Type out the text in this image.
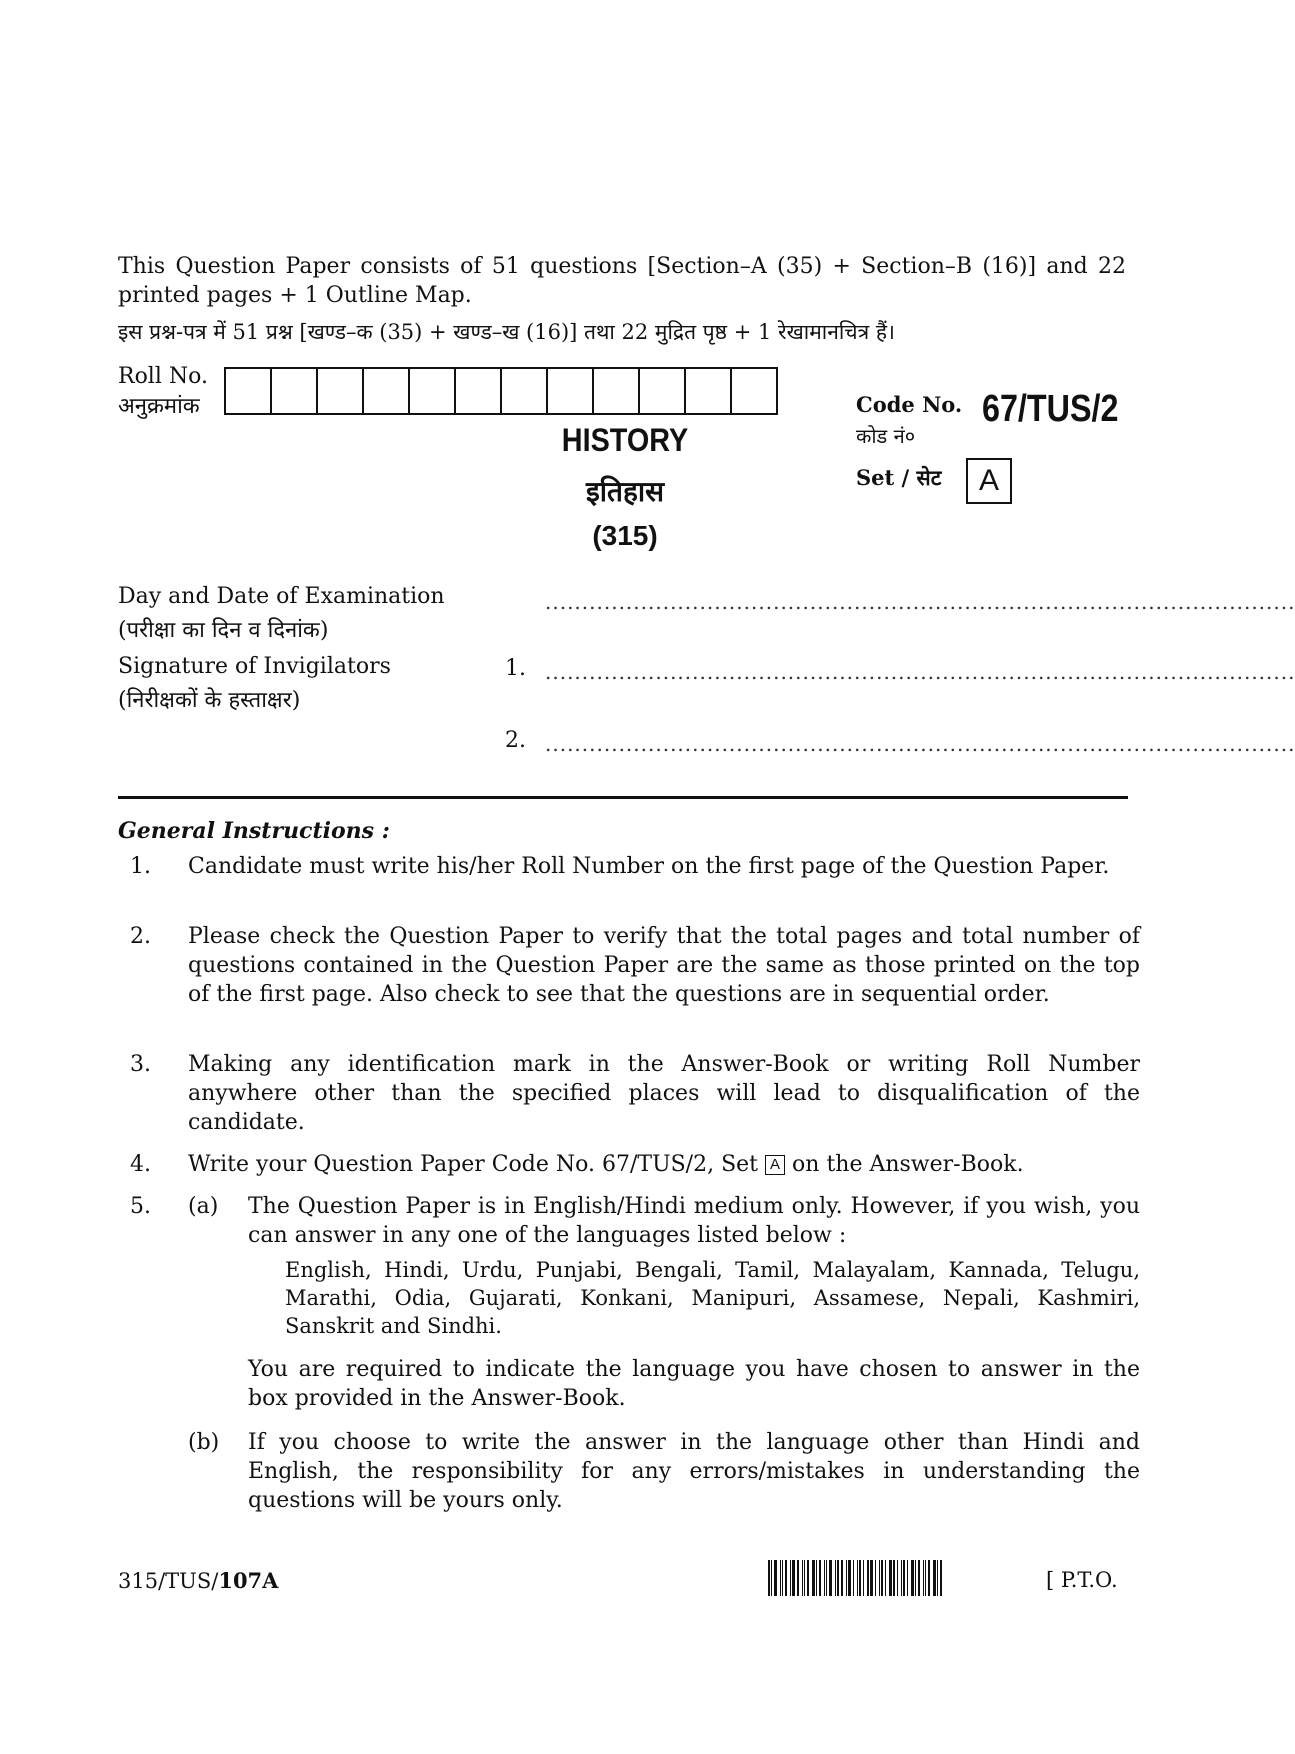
This Question Paper consists of 51 questions [Section–A (35) + Section–B (16)] and 22 printed pages + 1 Outline Map.
इस प्रश्न-पत्र में 51 प्रश्न [खण्ड–क (35) + खण्ड–ख (16)] तथा 22 मुद्रित पृष्ठ + 1 रेखामानचित्र हैं।
Roll No.
अनुक्रमांक
HISTORY
इतिहास
(315)
Code No.
कोड नं०
67/TUS/2
Set / सेट	A
Day and Date of Examination
(परीक्षा का दिन व दिनांक)
......................................................................................................
Signature of Invigilators
(निरीक्षकों के हस्ताक्षर)
1. ......................................................................................................
2. ......................................................................................................
General Instructions :
1. Candidate must write his/her Roll Number on the first page of the Question Paper.
2. Please check the Question Paper to verify that the total pages and total number of questions contained in the Question Paper are the same as those printed on the top of the first page. Also check to see that the questions are in sequential order.
3. Making any identification mark in the Answer-Book or writing Roll Number anywhere other than the specified places will lead to disqualification of the candidate.
4. Write your Question Paper Code No. 67/TUS/2, Set A on the Answer-Book.
5. (a) The Question Paper is in English/Hindi medium only. However, if you wish, you can answer in any one of the languages listed below :
English, Hindi, Urdu, Punjabi, Bengali, Tamil, Malayalam, Kannada, Telugu, Marathi, Odia, Gujarati, Konkani, Manipuri, Assamese, Nepali, Kashmiri, Sanskrit and Sindhi.
You are required to indicate the language you have chosen to answer in the box provided in the Answer-Book.
(b) If you choose to write the answer in the language other than Hindi and English, the responsibility for any errors/mistakes in understanding the questions will be yours only.
315/TUS/107A	[ P.T.O.
